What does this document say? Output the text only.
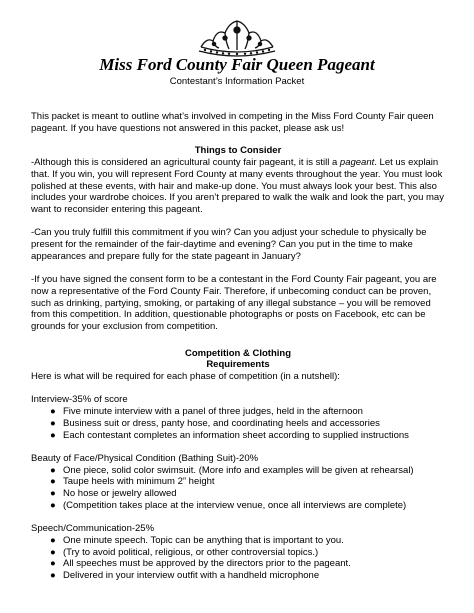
Miss Ford County Fair Queen Pageant
Contestant’s Information Packet

This packet is meant to outline what’s involved in competing in the Miss Ford County Fair queen pageant. If you have questions not answered in this packet, please ask us!

Things to Consider

-Although this is considered an agricultural county fair pageant, it is still a pageant. Let us explain that. If you win, you will represent Ford County at many events throughout the year. You must look polished at these events, with hair and make-up done. You must always look your best. This also includes your wardrobe choices. If you aren’t prepared to walk the walk and look the part, you may want to reconsider entering this pageant.

-Can you truly fulfill this commitment if you win? Can you adjust your schedule to physically be present for the remainder of the fair-daytime and evening? Can you put in the time to make appearances and prepare fully for the state pageant in January?

-If you have signed the consent form to be a contestant in the Ford County Fair pageant, you are now a representative of the Ford County Fair. Therefore, if unbecoming conduct can be proven, such as drinking, partying, smoking, or partaking of any illegal substance – you will be removed from this competition. In addition, questionable photographs or posts on Facebook, etc can be grounds for your exclusion from competition.

Competition & Clothing

Requirements

Here is what will be required for each phase of competition (in a nutshell):

Interview-35% of score

● Five minute interview with a panel of three judges, held in the afternoon
● Business suit or dress, panty hose, and coordinating heels and accessories
● Each contestant completes an information sheet according to supplied instructions

Beauty of Face/Physical Condition (Bathing Suit)-20%

● One piece, solid color swimsuit. (More info and examples will be given at rehearsal)
● Taupe heels with minimum 2” height
● No hose or jewelry allowed
● (Competition takes place at the interview venue, once all interviews are complete)

Speech/Communication-25%

● One minute speech. Topic can be anything that is important to you.
● (Try to avoid political, religious, or other controversial topics.)
● All speeches must be approved by the directors prior to the pageant.
● Delivered in your interview outfit with a handheld microphone
